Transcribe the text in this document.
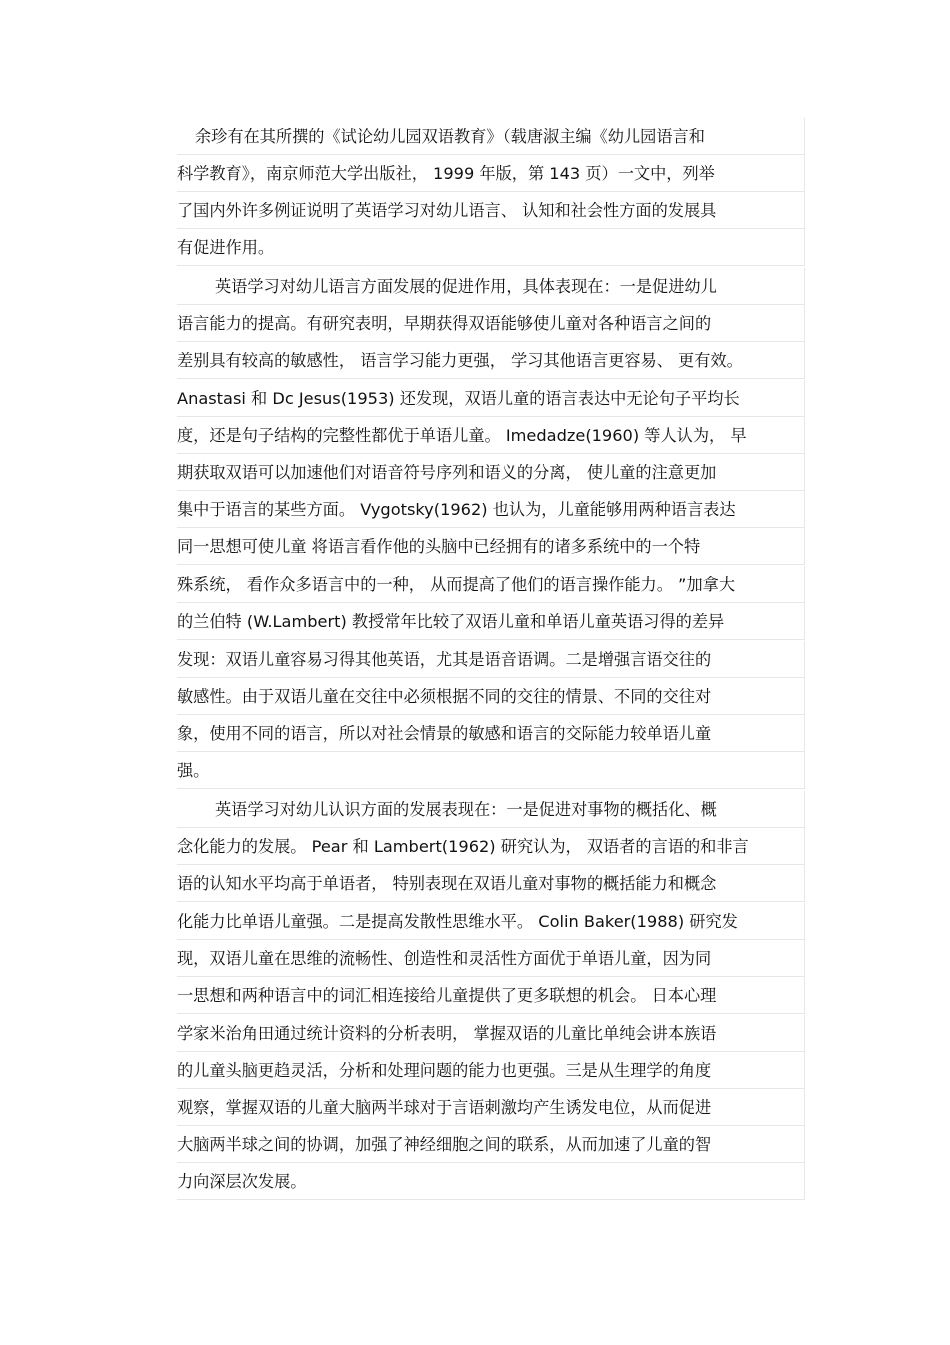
余珍有在其所撰的《试论幼儿园双语教育》（载唐淑主编《幼儿园语言和
科学教育》，南京师范大学出版社， 1999 年版，第 143 页）一文中，列举
了国内外许多例证说明了英语学习对幼儿语言、 认知和社会性方面的发展具
有促进作用。
英语学习对幼儿语言方面发展的促进作用，具体表现在：一是促进幼儿
语言能力的提高。有研究表明，早期获得双语能够使儿童对各种语言之间的
差别具有较高的敏感性， 语言学习能力更强， 学习其他语言更容易、 更有效。
Anastasi 和 Dc Jesus(1953) 还发现，双语儿童的语言表达中无论句子平均长
度，还是句子结构的完整性都优于单语儿童。 Imedadze(1960) 等人认为， 早
期获取双语可以加速他们对语音符号序列和语义的分离， 使儿童的注意更加
集中于语言的某些方面。 Vygotsky(1962) 也认为，儿童能够用两种语言表达
同一思想可使儿童 将语言看作他的头脑中已经拥有的诸多系统中的一个特
殊系统， 看作众多语言中的一种， 从而提高了他们的语言操作能力。 ”加拿大
的兰伯特 (W.Lambert) 教授常年比较了双语儿童和单语儿童英语习得的差异
发现：双语儿童容易习得其他英语，尤其是语音语调。二是增强言语交往的
敏感性。由于双语儿童在交往中必须根据不同的交往的情景、不同的交往对
象，使用不同的语言，所以对社会情景的敏感和语言的交际能力较单语儿童
强。
英语学习对幼儿认识方面的发展表现在：一是促进对事物的概括化、概
念化能力的发展。 Pear 和 Lambert(1962) 研究认为， 双语者的言语的和非言
语的认知水平均高于单语者， 特别表现在双语儿童对事物的概括能力和概念
化能力比单语儿童强。二是提高发散性思维水平。 Colin Baker(1988) 研究发
现，双语儿童在思维的流畅性、创造性和灵活性方面优于单语儿童，因为同
一思想和两种语言中的词汇相连接给儿童提供了更多联想的机会。 日本心理
学家米治角田通过统计资料的分析表明， 掌握双语的儿童比单纯会讲本族语
的儿童头脑更趋灵活，分析和处理问题的能力也更强。三是从生理学的角度
观察，掌握双语的儿童大脑两半球对于言语刺激均产生诱发电位，从而促进
大脑两半球之间的协调，加强了神经细胞之间的联系，从而加速了儿童的智
力向深层次发展。
